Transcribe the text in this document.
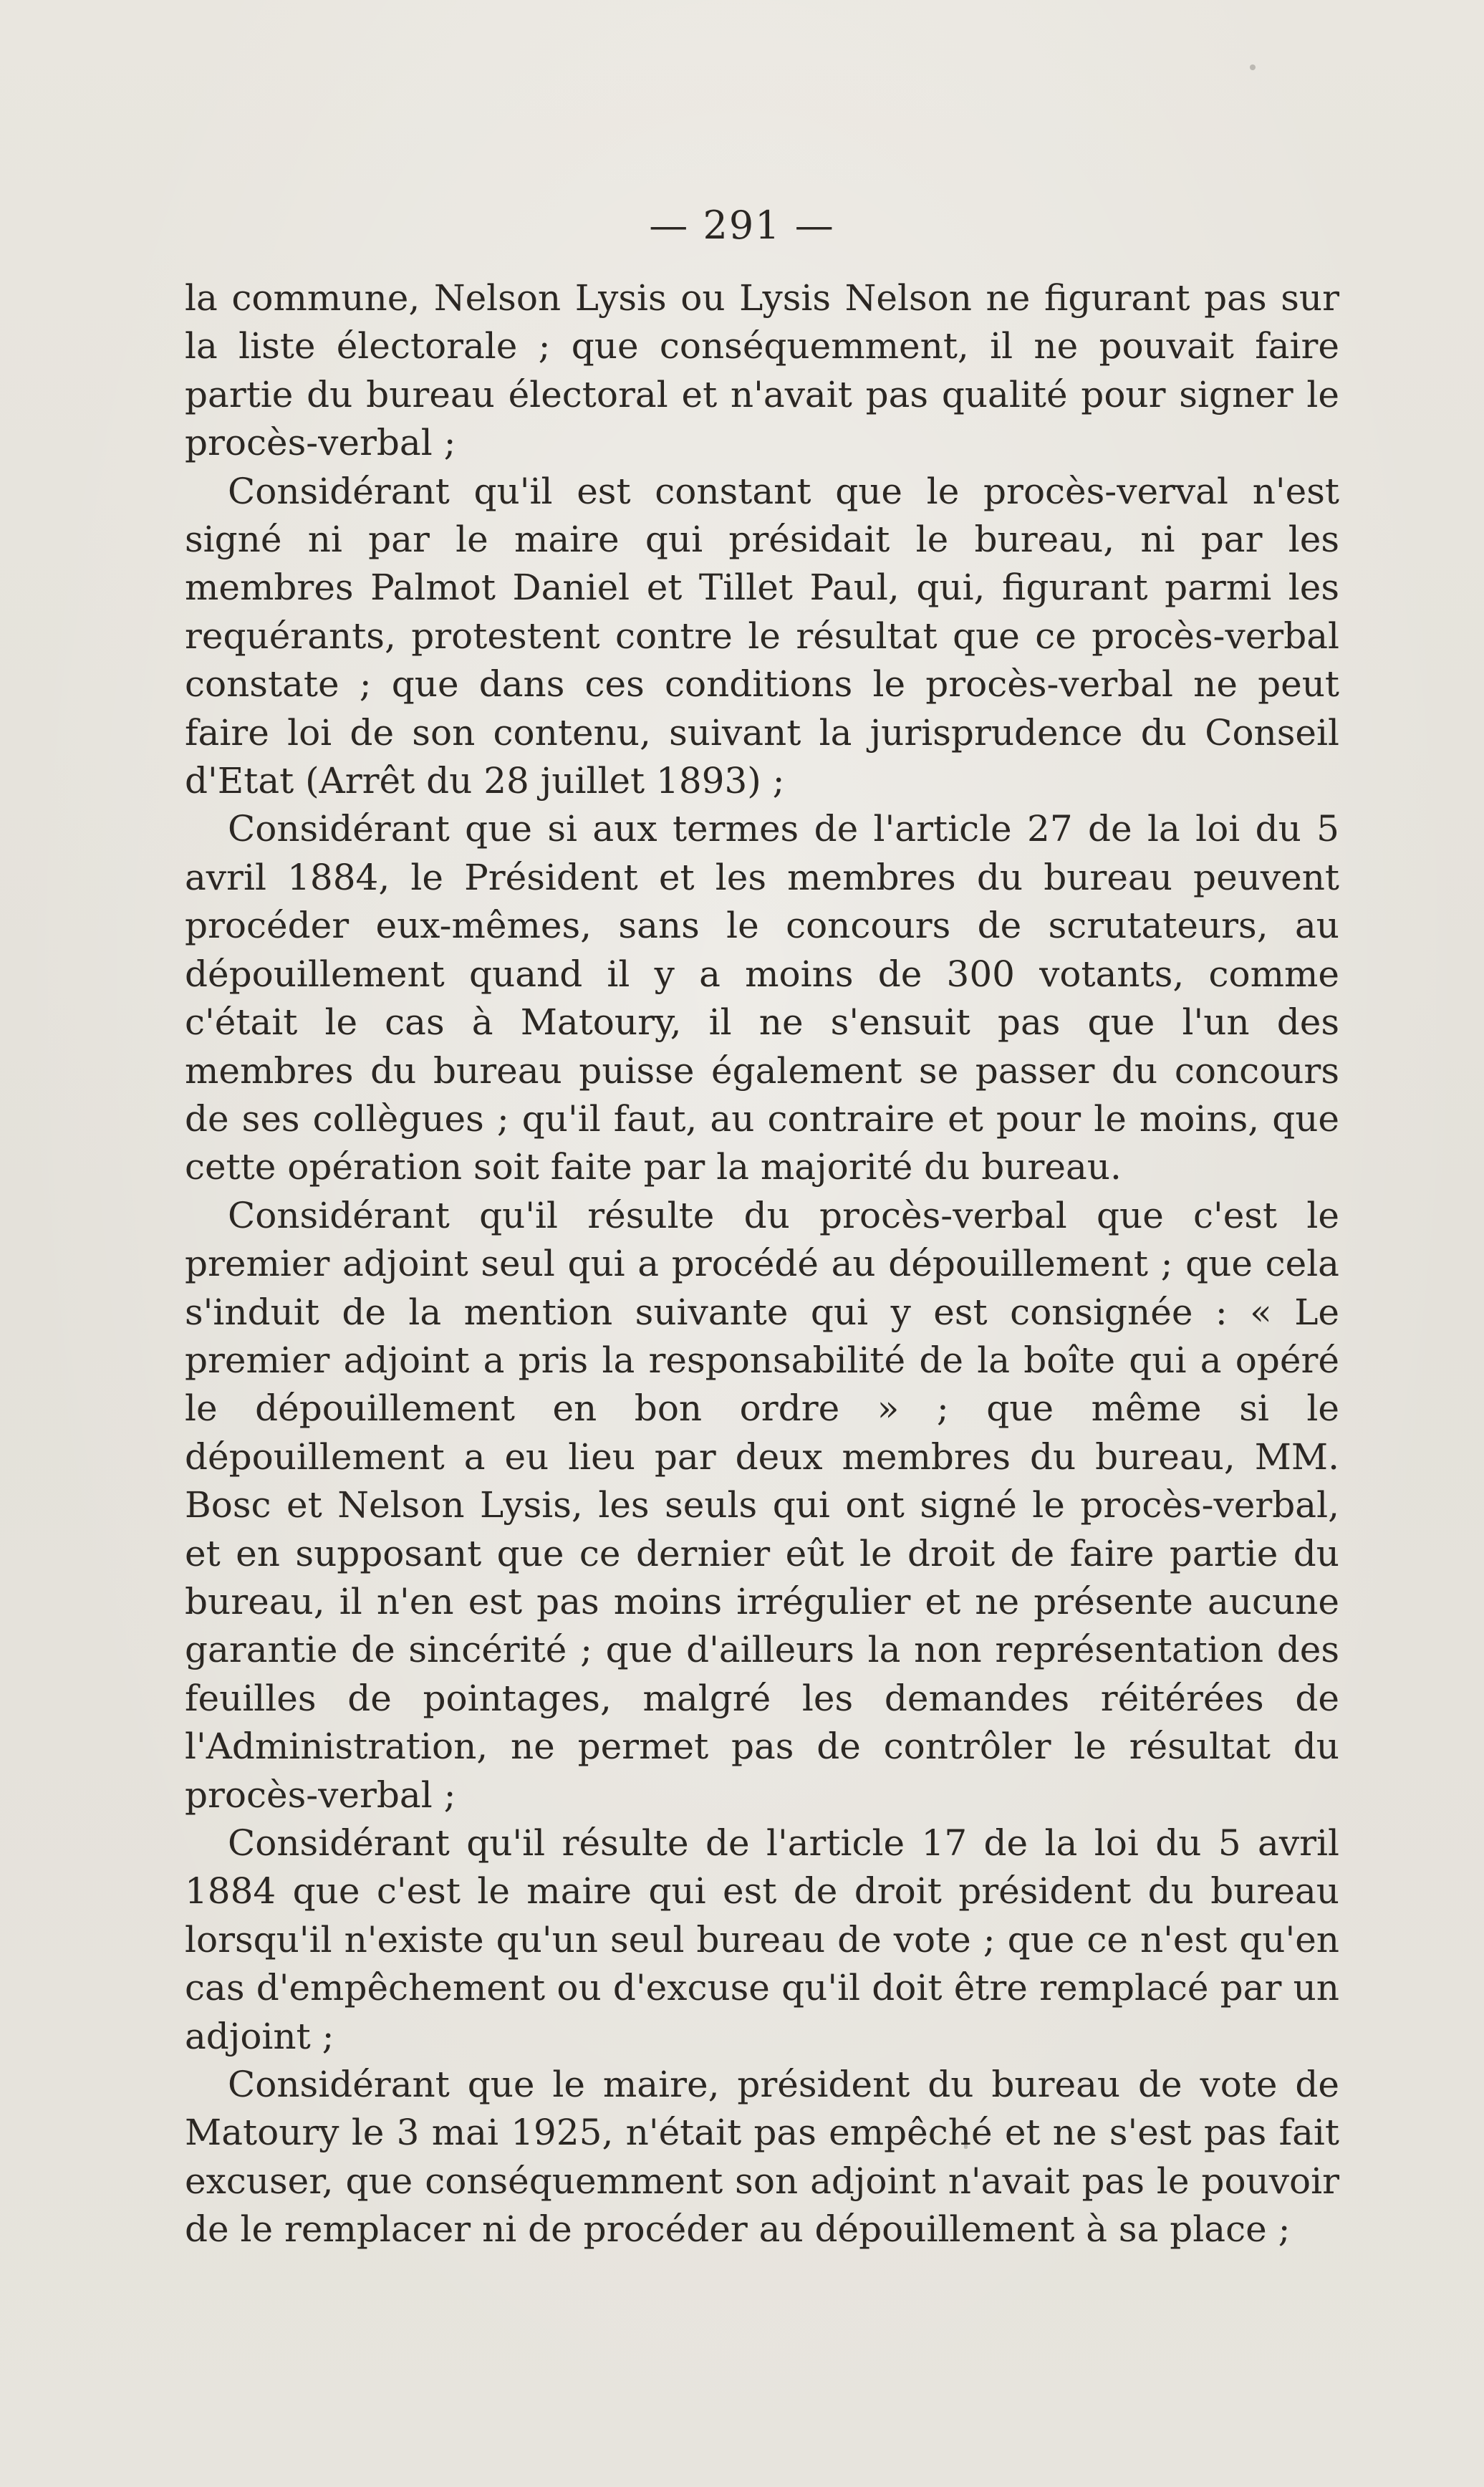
— 291 —

la commune, Nelson Lysis ou Lysis Nelson ne figurant pas sur la liste électorale ; que conséquemment, il ne pouvait faire partie du bureau électoral et n'avait pas qualité pour signer le procès-verbal ;

Considérant qu'il est constant que le procès-verval n'est signé ni par le maire qui présidait le bureau, ni par les membres Palmot Daniel et Tillet Paul, qui, figurant parmi les requérants, protestent contre le résultat que ce procès-verbal constate ; que dans ces conditions le procès-verbal ne peut faire loi de son contenu, suivant la jurisprudence du Conseil d'Etat (Arrêt du 28 juillet 1893) ;

Considérant que si aux termes de l'article 27 de la loi du 5 avril 1884, le Président et les membres du bureau peuvent procéder eux-mêmes, sans le concours de scrutateurs, au dépouillement quand il y a moins de 300 votants, comme c'était le cas à Matoury, il ne s'ensuit pas que l'un des membres du bureau puisse également se passer du concours de ses collègues ; qu'il faut, au contraire et pour le moins, que cette opération soit faite par la majorité du bureau.

Considérant qu'il résulte du procès-verbal que c'est le premier adjoint seul qui a procédé au dépouillement ; que cela s'induit de la mention suivante qui y est consignée : « Le premier adjoint a pris la responsabilité de la boîte qui a opéré le dépouillement en bon ordre » ; que même si le dépouillement a eu lieu par deux membres du bureau, MM. Bosc et Nelson Lysis, les seuls qui ont signé le procès-verbal, et en supposant que ce dernier eût le droit de faire partie du bureau, il n'en est pas moins irrégulier et ne présente aucune garantie de sincérité ; que d'ailleurs la non représentation des feuilles de pointages, malgré les demandes réitérées de l'Administration, ne permet pas de contrôler le résultat du procès-verbal ;

Considérant qu'il résulte de l'article 17 de la loi du 5 avril 1884 que c'est le maire qui est de droit président du bureau lorsqu'il n'existe qu'un seul bureau de vote ; que ce n'est qu'en cas d'empêchement ou d'excuse qu'il doit être remplacé par un adjoint ;

Considérant que le maire, président du bureau de vote de Matoury le 3 mai 1925, n'était pas empêché et ne s'est pas fait excuser, que conséquemment son adjoint n'avait pas le pouvoir de le remplacer ni de procéder au dépouillement à sa place ;
